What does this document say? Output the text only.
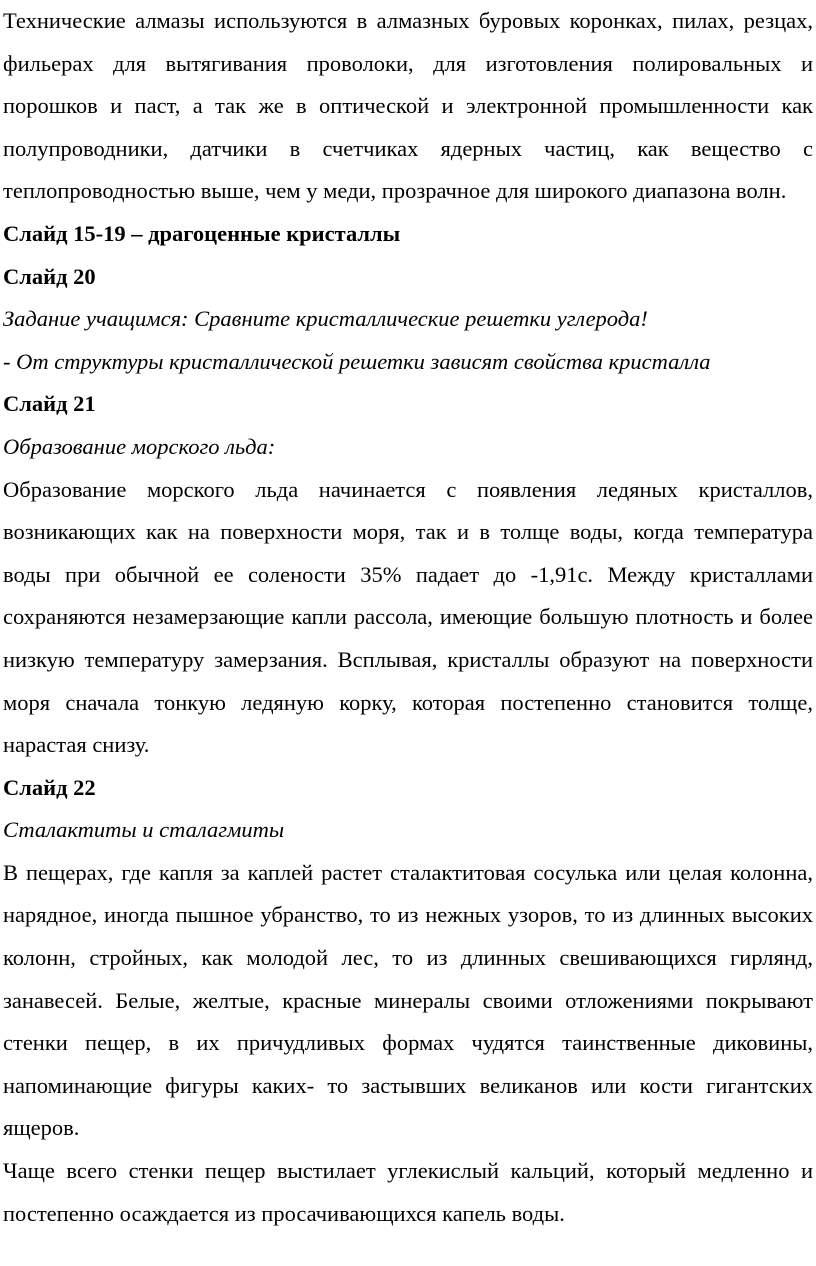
Технические алмазы используются в алмазных буровых коронках, пилах, резцах, фильерах для вытягивания проволоки, для изготовления полировальных и порошков и паст, а так же в оптической и электронной промышленности как полупроводники, датчики в счетчиках ядерных частиц, как вещество с теплопроводностью выше, чем у меди, прозрачное для широкого диапазона волн.

Слайд 15-19 – драгоценные кристаллы

Слайд 20

Задание учащимся: Сравните кристаллические решетки углерода!

- От структуры кристаллической решетки зависят свойства кристалла

Слайд 21

Образование морского льда:

Образование морского льда начинается с появления ледяных кристаллов, возникающих как на поверхности моря, так и в толще воды, когда температура воды при обычной ее солености 35% падает до -1,91с. Между кристаллами сохраняются незамерзающие капли рассола, имеющие большую плотность и более низкую температуру замерзания. Всплывая, кристаллы образуют на поверхности моря сначала тонкую ледяную корку, которая постепенно становится толще, нарастая снизу.

Слайд 22

Сталактиты и сталагмиты

В пещерах, где капля за каплей растет сталактитовая сосулька или целая колонна, нарядное, иногда пышное убранство, то из нежных узоров, то из длинных высоких колонн, стройных, как молодой лес, то из длинных свешивающихся гирлянд, занавесей. Белые, желтые, красные минералы своими отложениями покрывают стенки пещер, в их причудливых формах чудятся таинственные диковины, напоминающие фигуры каких- то застывших великанов или кости гигантских ящеров.

Чаще всего стенки пещер выстилает углекислый кальций, который медленно и постепенно осаждается из просачивающихся капель воды.
